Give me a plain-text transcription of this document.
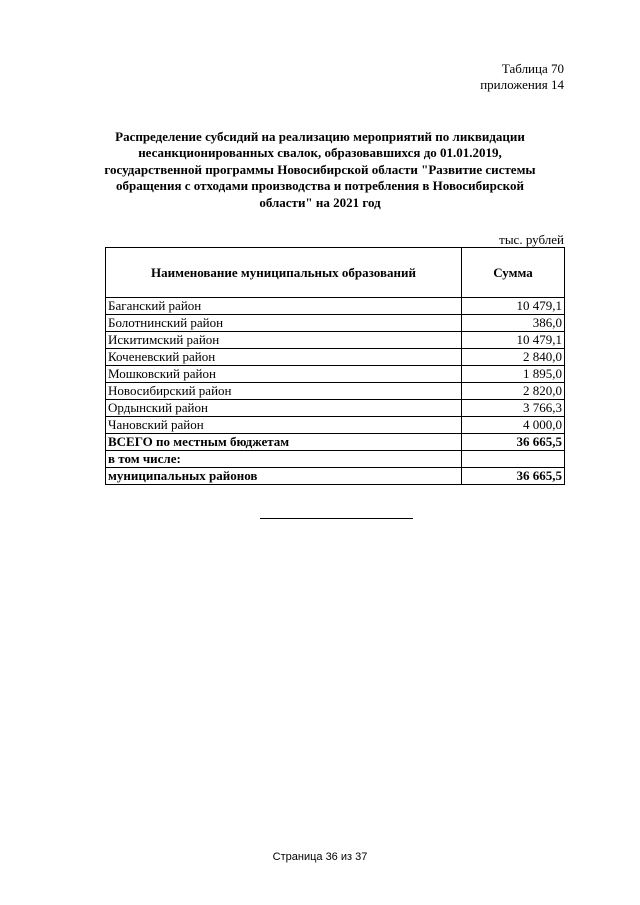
Таблица 70
приложения 14
Распределение субсидий на реализацию мероприятий по ликвидации несанкционированных свалок, образовавшихся до 01.01.2019, государственной программы Новосибирской области "Развитие системы обращения с отходами производства и потребления в Новосибирской области" на 2021 год
тыс. рублей
Наименование муниципальных образований	Сумма
Баганский район	10 479,1
Болотнинский район	386,0
Искитимский район	10 479,1
Коченевский район	2 840,0
Мошковский район	1 895,0
Новосибирский район	2 820,0
Ордынский район	3 766,3
Чановский район	4 000,0
ВСЕГО по местным бюджетам	36 665,5
в том числе:	
муниципальных районов	36 665,5
Страница 36 из 37
